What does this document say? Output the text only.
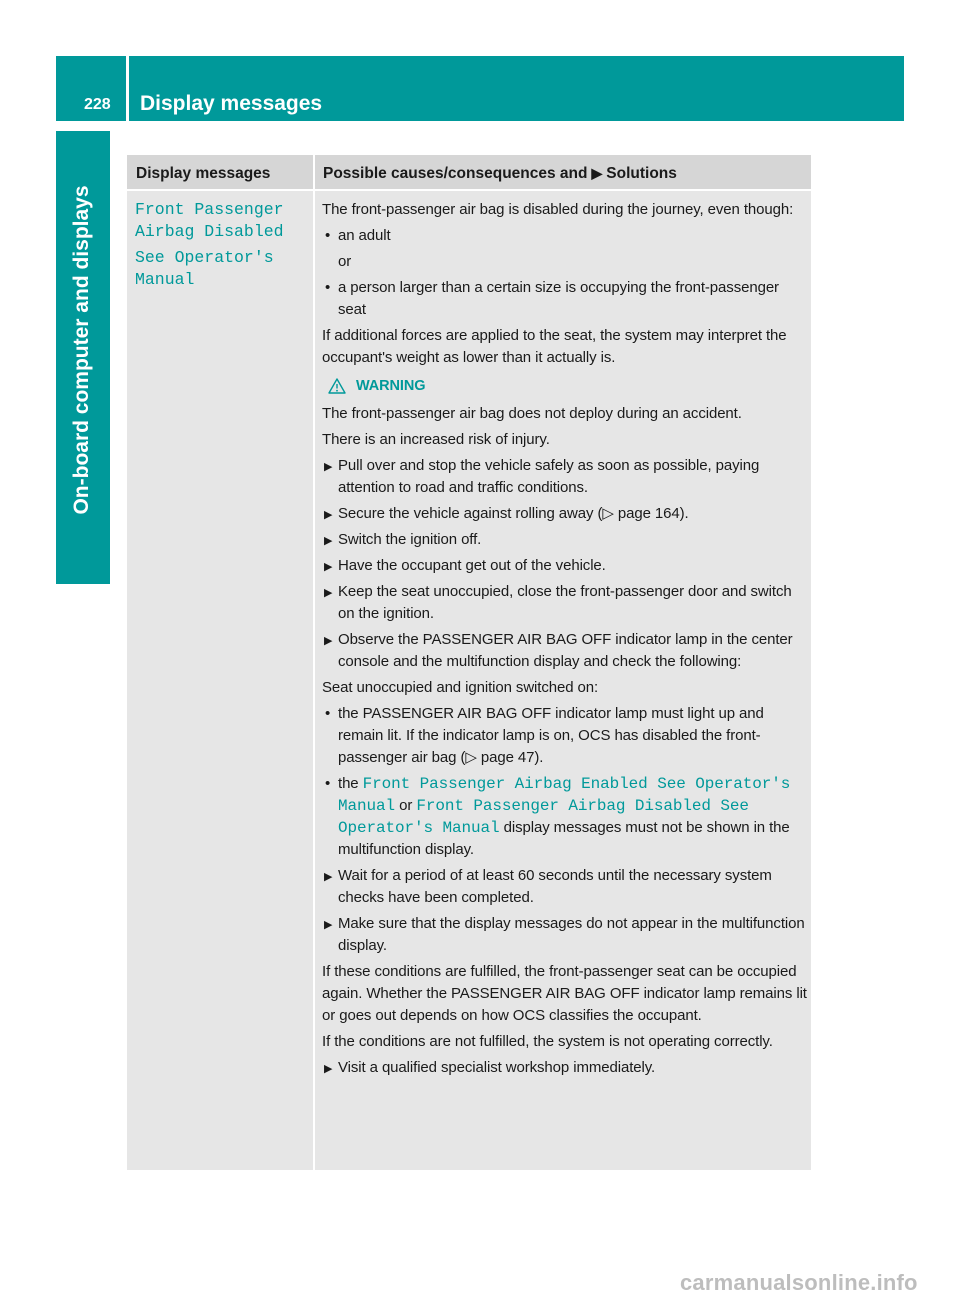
228 Display messages
On-board computer and displays
Display messages	Possible causes/consequences and ▶ Solutions
Front Passenger Airbag Disabled
See Operator's Manual

The front-passenger air bag is disabled during the journey, even though:

• an adult
or
• a person larger than a certain size is occupying the front-passenger seat

If additional forces are applied to the seat, the system may interpret the occupant's weight as lower than it actually is.

WARNING

The front-passenger air bag does not deploy during an accident.

There is an increased risk of injury.

▶ Pull over and stop the vehicle safely as soon as possible, paying attention to road and traffic conditions.
▶ Secure the vehicle against rolling away (▷ page 164).
▶ Switch the ignition off.
▶ Have the occupant get out of the vehicle.
▶ Keep the seat unoccupied, close the front-passenger door and switch on the ignition.
▶ Observe the PASSENGER AIR BAG OFF indicator lamp in the center console and the multifunction display and check the following:

Seat unoccupied and ignition switched on:

• the PASSENGER AIR BAG OFF indicator lamp must light up and remain lit. If the indicator lamp is on, OCS has disabled the front-passenger air bag (▷ page 47).
• the Front Passenger Airbag Enabled See Operator's Manual or Front Passenger Airbag Disabled See Operator's Manual display messages must not be shown in the multifunction display.
▶ Wait for a period of at least 60 seconds until the necessary system checks have been completed.
▶ Make sure that the display messages do not appear in the multifunction display.

If these conditions are fulfilled, the front-passenger seat can be occupied again. Whether the PASSENGER AIR BAG OFF indicator lamp remains lit or goes out depends on how OCS classifies the occupant.

If the conditions are not fulfilled, the system is not operating correctly.

▶ Visit a qualified specialist workshop immediately.
carmanualsonline.info
